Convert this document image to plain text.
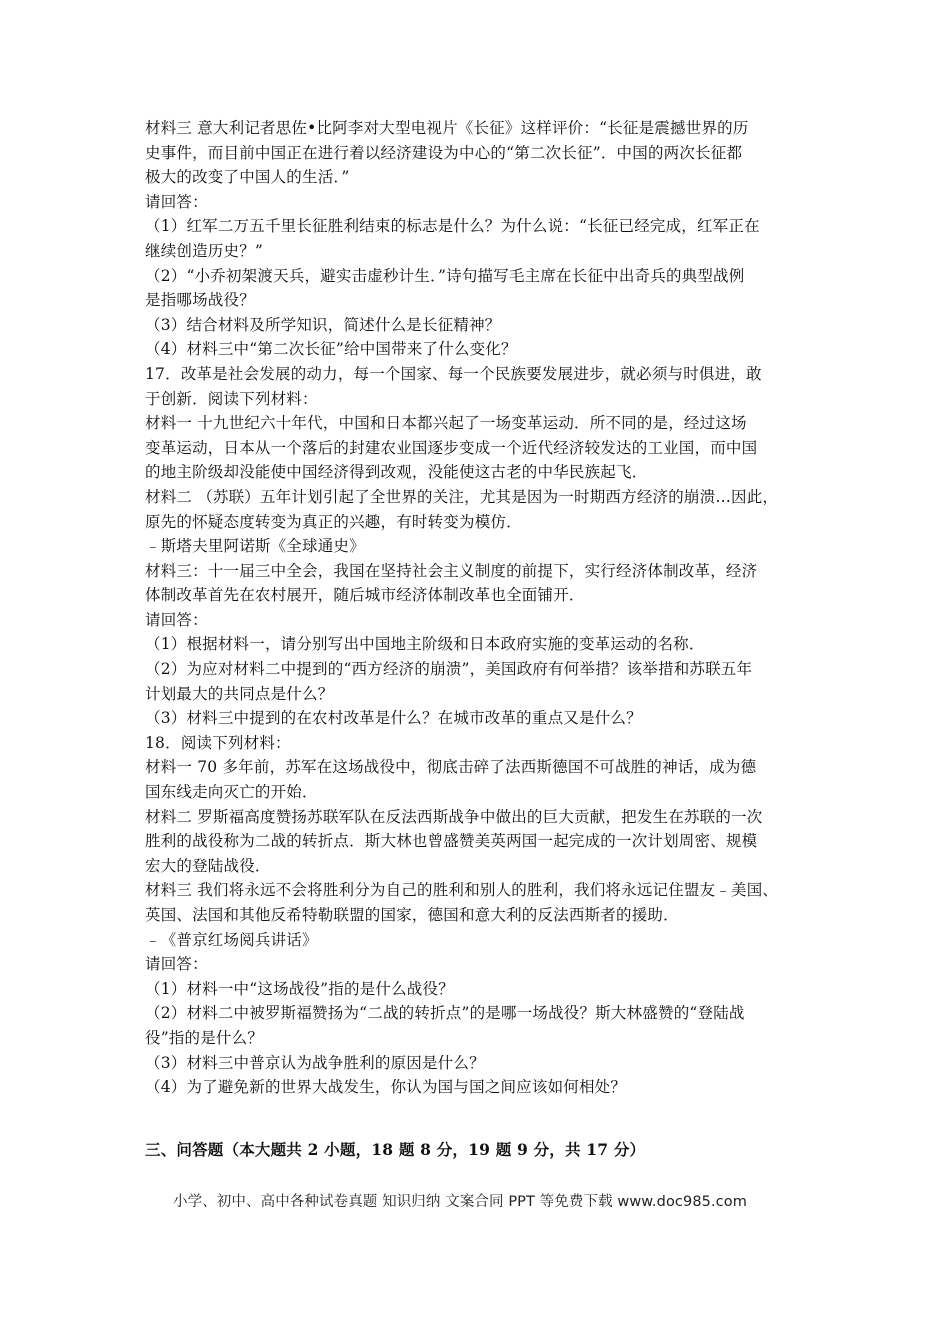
材料三 意大利记者思佐•比阿李对大型电视片《长征》这样评价：“长征是震撼世界的历
史事件，而目前中国正在进行着以经济建设为中心的“第二次长征”．中国的两次长征都
极大的改变了中国人的生活．”
请回答：
（1）红军二万五千里长征胜利结束的标志是什么？为什么说：“长征已经完成，红军正在
继续创造历史？”
（2）“小乔初架渡天兵，避实击虚秒计生．”诗句描写毛主席在长征中出奇兵的典型战例
是指哪场战役？
（3）结合材料及所学知识，简述什么是长征精神？
（4）材料三中“第二次长征”给中国带来了什么变化？
17．改革是社会发展的动力，每一个国家、每一个民族要发展进步，就必须与时俱进，敢
于创新．阅读下列材料：
材料一 十九世纪六十年代，中国和日本都兴起了一场变革运动．所不同的是，经过这场
变革运动，日本从一个落后的封建农业国逐步变成一个近代经济较发达的工业国，而中国
的地主阶级却没能使中国经济得到改观，没能使这古老的中华民族起飞．
材料二 （苏联）五年计划引起了全世界的关注，尤其是因为一时期西方经济的崩溃…因此，
原先的怀疑态度转变为真正的兴趣，有时转变为模仿．
﹣斯塔夫里阿诺斯《全球通史》
材料三：十一届三中全会，我国在坚持社会主义制度的前提下，实行经济体制改革，经济
体制改革首先在农村展开，随后城市经济体制改革也全面铺开．
请回答：
（1）根据材料一，请分别写出中国地主阶级和日本政府实施的变革运动的名称．
（2）为应对材料二中提到的“西方经济的崩溃”，美国政府有何举措？该举措和苏联五年
计划最大的共同点是什么？
（3）材料三中提到的在农村改革是什么？在城市改革的重点又是什么？
18．阅读下列材料：
材料一 70 多年前，苏军在这场战役中，彻底击碎了法西斯德国不可战胜的神话，成为德
国东线走向灭亡的开始．
材料二 罗斯福高度赞扬苏联军队在反法西斯战争中做出的巨大贡献，把发生在苏联的一次
胜利的战役称为二战的转折点．斯大林也曾盛赞美英两国一起完成的一次计划周密、规模
宏大的登陆战役．
材料三 我们将永远不会将胜利分为自己的胜利和别人的胜利，我们将永远记住盟友﹣美国、
英国、法国和其他反希特勒联盟的国家，德国和意大利的反法西斯者的援助．
﹣《普京红场阅兵讲话》
请回答：
（1）材料一中“这场战役”指的是什么战役？
（2）材料二中被罗斯福赞扬为“二战的转折点”的是哪一场战役？斯大林盛赞的“登陆战
役”指的是什么？
（3）材料三中普京认为战争胜利的原因是什么？
（4）为了避免新的世界大战发生，你认为国与国之间应该如何相处？
三、问答题（本大题共 2 小题，18 题 8 分，19 题 9 分，共 17 分）
小学、初中、高中各种试卷真题 知识归纳 文案合同 PPT 等免费下载 www.doc985.com
